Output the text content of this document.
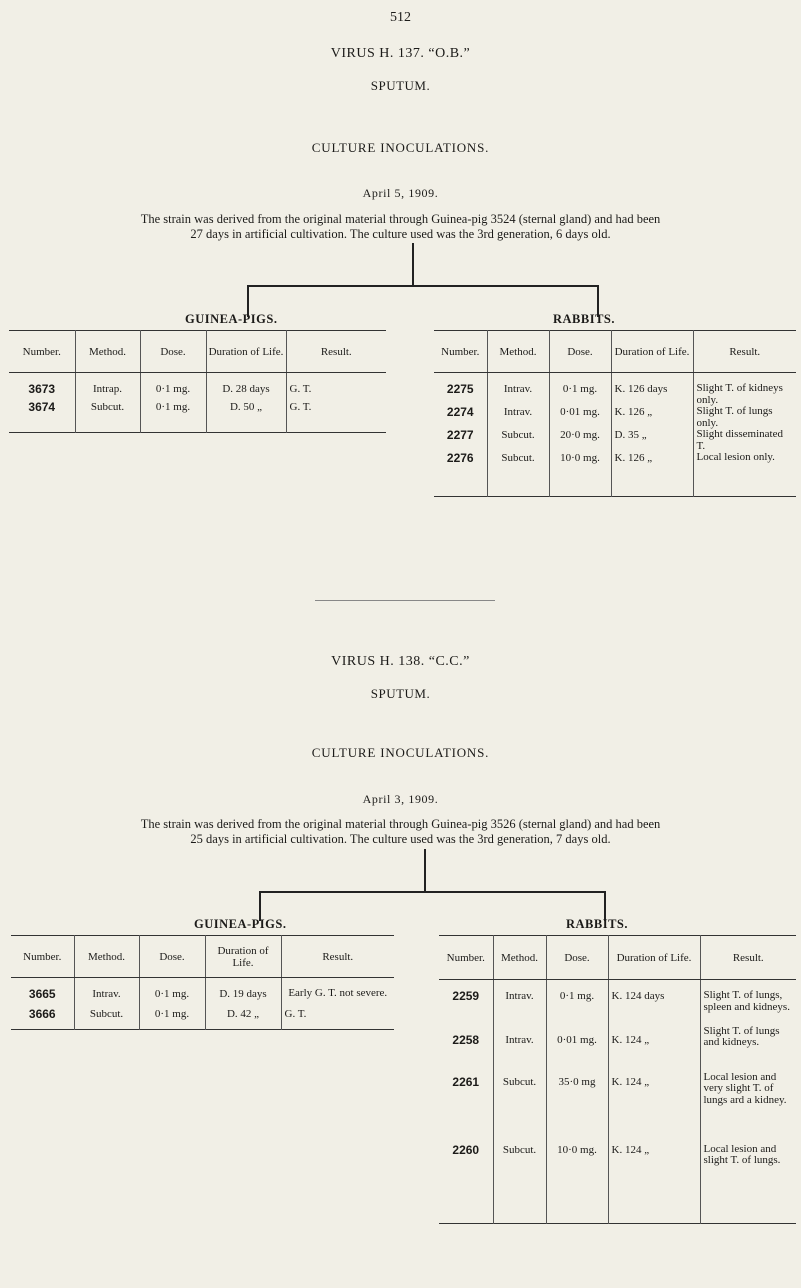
512
VIRUS H. 137. “O.B.”
SPUTUM.
CULTURE INOCULATIONS.
April 5, 1909.
The strain was derived from the original material through Guinea-pig 3524 (sternal gland) and had been
27 days in artificial cultivation. The culture used was the 3rd generation, 6 days old.
GUINEA-PIGS.	RABBITS.
Number.	Method.	Dose.	Duration of Life.	Result.
3673	Intrap.	0·1 mg.	D. 28 days	G. T.
3674	Subcut.	0·1 mg.	D. 50 „	G. T.
Number.	Method.	Dose.	Duration of Life.	Result.
2275	Intrav.	0·1 mg.	K. 126 days	Slight T. of kidneys only.
2274	Intrav.	0·01 mg.	K. 126 „	Slight T. of lungs only.
2277	Subcut.	20·0 mg.	D. 35 „	Slight disseminated T.
2276	Subcut.	10·0 mg.	K. 126 „	Local lesion only.
VIRUS H. 138. “C.C.”
SPUTUM.
CULTURE INOCULATIONS.
April 3, 1909.
The strain was derived from the original material through Guinea-pig 3526 (sternal gland) and had been
25 days in artificial cultivation. The culture used was the 3rd generation, 7 days old.
GUINEA-PIGS.	RABBITS.
Number.	Method.	Dose.	Duration of Life.	Result.
3665	Intrav.	0·1 mg.	D. 19 days	Early G. T. not severe.
3666	Subcut.	0·1 mg.	D. 42 „	G. T.
Number.	Method.	Dose.	Duration of Life.	Result.
2259	Intrav.	0·1 mg.	K. 124 days	Slight T. of lungs, spleen and kidneys.
2258	Intrav.	0·01 mg.	K. 124 „	Slight T. of lungs and kidneys.
2261	Subcut.	35·0 mg	K. 124 „	Local lesion and very slight T. of lungs ard a kidney.
2260	Subcut.	10·0 mg.	K. 124 „	Local lesion and slight T. of lungs.
